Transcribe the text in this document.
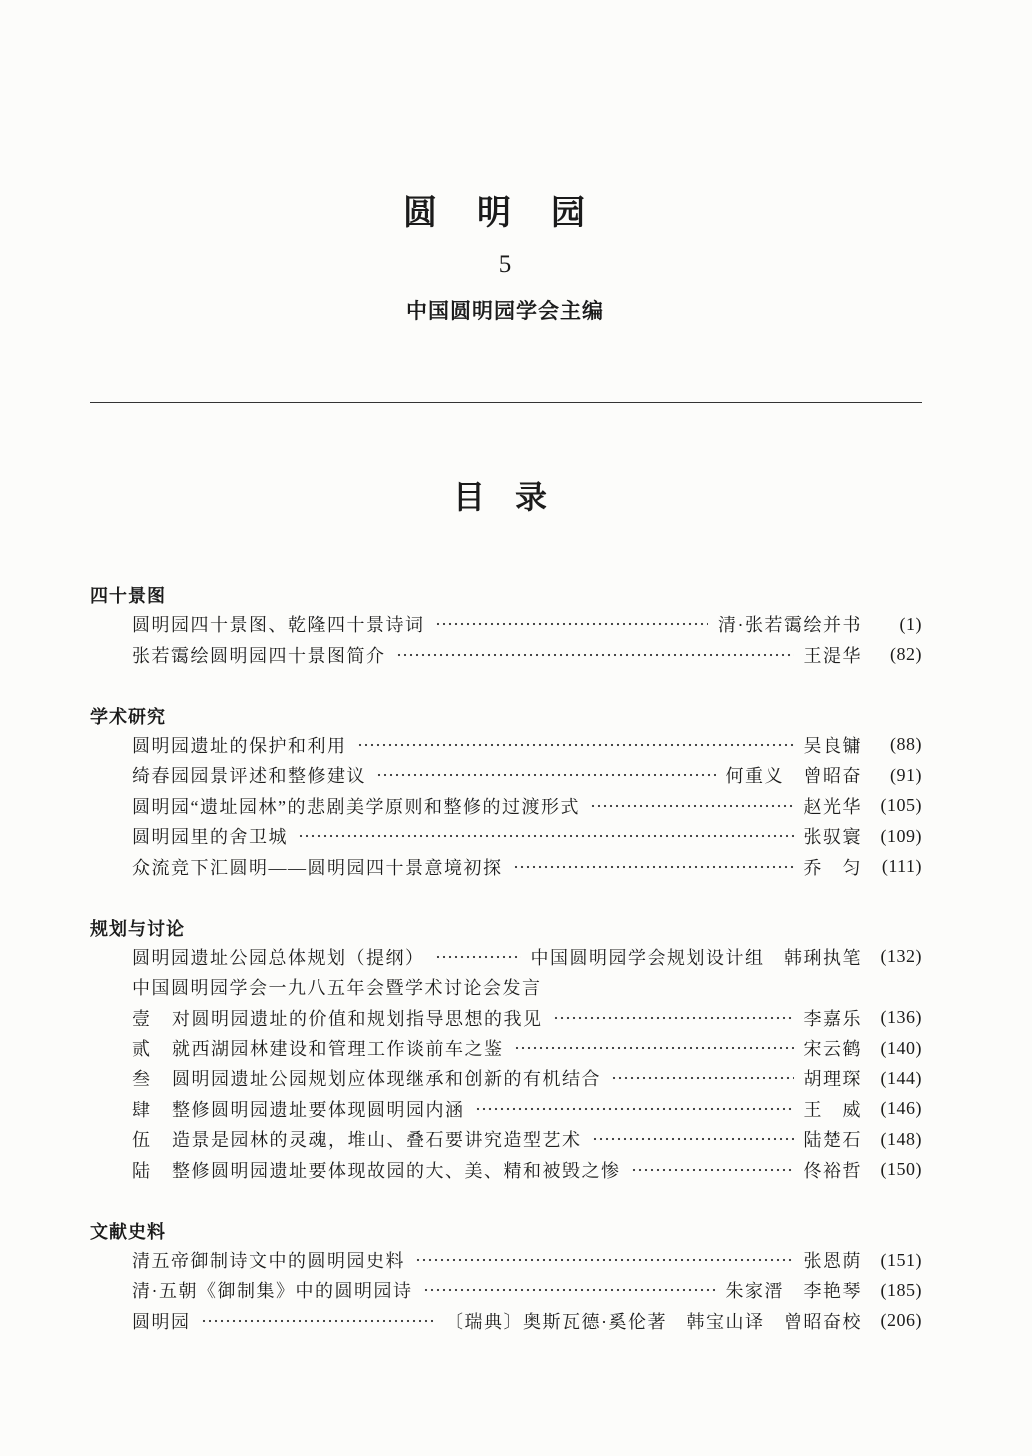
圆明园
5
中国圆明园学会主编
目录
四十景图
圆明园四十景图、乾隆四十景诗词	清·张若霭绘并书	(1)
张若霭绘圆明园四十景图简介	王湜华	(82)
学术研究
圆明园遗址的保护和利用	吴良镛	(88)
绮春园园景评述和整修建议	何重义　曾昭奋	(91)
圆明园“遗址园林”的悲剧美学原则和整修的过渡形式	赵光华	(105)
圆明园里的舍卫城	张驭寰	(109)
众流竞下汇圆明——圆明园四十景意境初探	乔　匀	(111)
规划与讨论
圆明园遗址公园总体规划（提纲）	中国圆明园学会规划设计组　韩琍执笔	(132)
中国圆明园学会一九八五年会暨学术讨论会发言
壹	对圆明园遗址的价值和规划指导思想的我见	李嘉乐	(136)
贰	就西湖园林建设和管理工作谈前车之鉴	宋云鹤	(140)
叁	圆明园遗址公园规划应体现继承和创新的有机结合	胡理琛	(144)
肆	整修圆明园遗址要体现圆明园内涵	王　威	(146)
伍	造景是园林的灵魂，堆山、叠石要讲究造型艺术	陆楚石	(148)
陆	整修圆明园遗址要体现故园的大、美、精和被毁之惨	佟裕哲	(150)
文献史料
清五帝御制诗文中的圆明园史料	张恩荫	(151)
清·五朝《御制集》中的圆明园诗	朱家溍　李艳琴	(185)
圆明园	〔瑞典〕奥斯瓦德·奚伦著　韩宝山译　曾昭奋校	(206)
